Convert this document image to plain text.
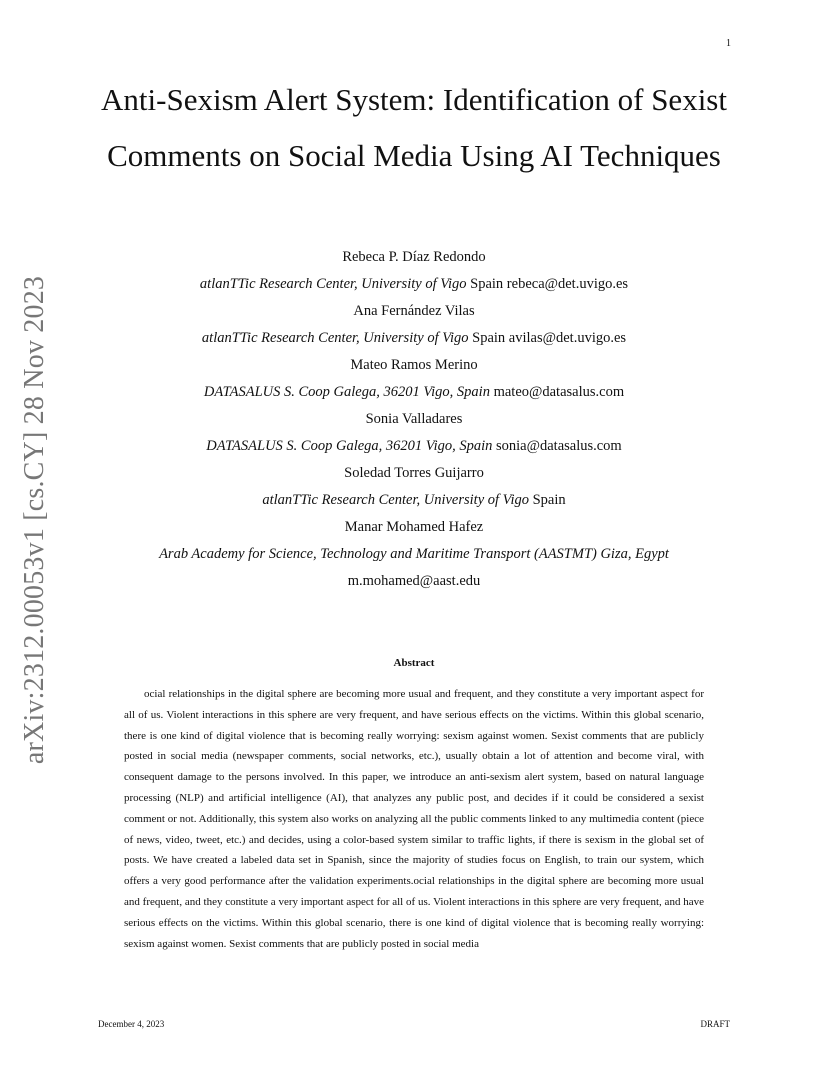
1
arXiv:2312.00053v1 [cs.CY] 28 Nov 2023
Anti-Sexism Alert System: Identification of Sexist Comments on Social Media Using AI Techniques
Rebeca P. Díaz Redondo
atlanTTic Research Center, University of Vigo Spain rebeca@det.uvigo.es
Ana Fernández Vilas
atlanTTic Research Center, University of Vigo Spain avilas@det.uvigo.es
Mateo Ramos Merino
DATASALUS S. Coop Galega, 36201 Vigo, Spain mateo@datasalus.com
Sonia Valladares
DATASALUS S. Coop Galega, 36201 Vigo, Spain sonia@datasalus.com
Soledad Torres Guijarro
atlanTTic Research Center, University of Vigo Spain
Manar Mohamed Hafez
Arab Academy for Science, Technology and Maritime Transport (AASTMT) Giza, Egypt
m.mohamed@aast.edu
Abstract

ocial relationships in the digital sphere are becoming more usual and frequent, and they constitute a very important aspect for all of us. Violent interactions in this sphere are very frequent, and have serious effects on the victims. Within this global scenario, there is one kind of digital violence that is becoming really worrying: sexism against women. Sexist comments that are publicly posted in social media (newspaper comments, social networks, etc.), usually obtain a lot of attention and become viral, with consequent damage to the persons involved. In this paper, we introduce an anti-sexism alert system, based on natural language processing (NLP) and artificial intelligence (AI), that analyzes any public post, and decides if it could be considered a sexist comment or not. Additionally, this system also works on analyzing all the public comments linked to any multimedia content (piece of news, video, tweet, etc.) and decides, using a color-based system similar to traffic lights, if there is sexism in the global set of posts. We have created a labeled data set in Spanish, since the majority of studies focus on English, to train our system, which offers a very good performance after the validation experiments.ocial relationships in the digital sphere are becoming more usual and frequent, and they constitute a very important aspect for all of us. Violent interactions in this sphere are very frequent, and have serious effects on the victims. Within this global scenario, there is one kind of digital violence that is becoming really worrying: sexism against women. Sexist comments that are publicly posted in social media

December 4, 2023	DRAFT
